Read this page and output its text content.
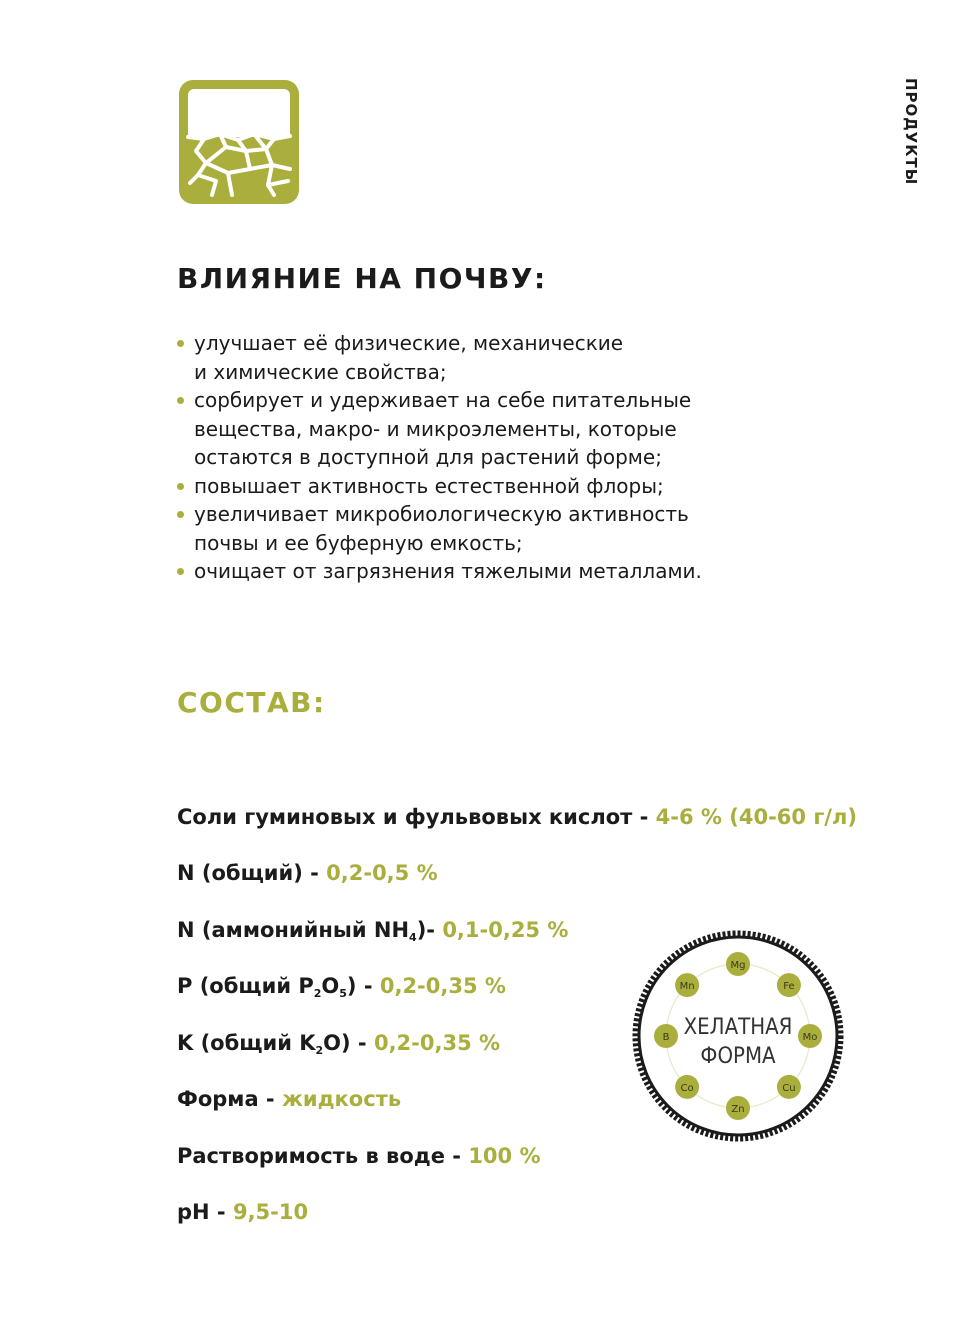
ПРОДУКТЫ
ВЛИЯНИЕ НА ПОЧВУ:
улучшает её физические, механические
и химические свойства;
сорбирует и удерживает на себе питательные
вещества, макро- и микроэлементы, которые
остаются в доступной для растений форме;
повышает активность естественной флоры;
увеличивает микробиологическую активность
почвы и ее буферную емкость;
очищает от загрязнения тяжелыми металлами.
СОСТАВ:

Соли гуминовых и фульвовых кислот - 4-6 % (40-60 г/л)

N (общий) - 0,2-0,5 %

N (аммонийный $NH_4)-$ 0,1-0,25 %

P (общий $P_2O_5) - 0,2-0,35$ %

K (общий $K_2O) - 0,2-0,35$ %

Форма - жидкость

Растворимость в воде - 100 %

pH - 9,5-10

Mg
Fe
Mo
Cu
Zn
Co
B
Mn
ХЕЛАТНАЯ
ФОРМА
